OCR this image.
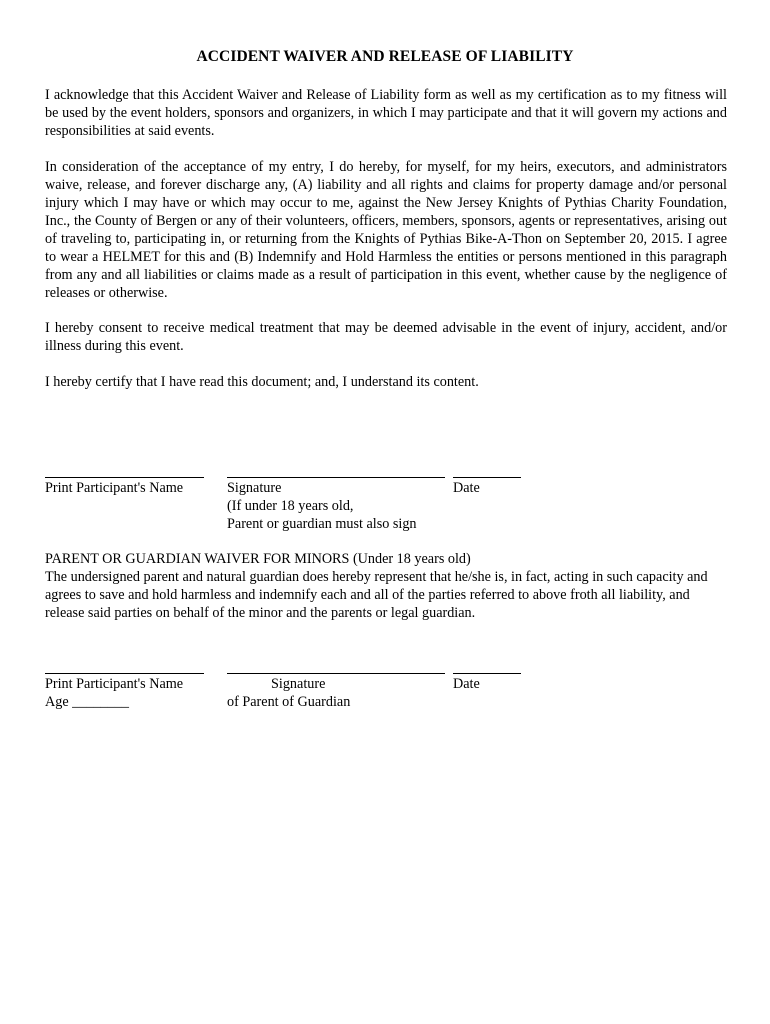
ACCIDENT WAIVER AND RELEASE OF LIABILITY
I acknowledge that this Accident Waiver and Release of Liability form as well as my certification as to my fitness will be used by the event holders, sponsors and organizers, in which I may participate and that it will govern my actions and responsibilities at said events.
In consideration of the acceptance of my entry, I do hereby, for myself, for my heirs, executors, and administrators waive, release, and forever discharge any, (A) liability and all rights and claims for property damage and/or personal injury which I may have or which may occur to me, against the New Jersey Knights of Pythias Charity Foundation, Inc., the County of Bergen or any of their volunteers, officers, members, sponsors, agents or representatives, arising out of traveling to, participating in, or returning from the Knights of Pythias Bike-A-Thon on September 20, 2015. I agree to wear a HELMET for this and (B) Indemnify and Hold Harmless the entities or persons mentioned in this paragraph from any and all liabilities or claims made as a result of participation in this event, whether cause by the negligence of releases or otherwise.
I hereby consent to receive medical treatment that may be deemed advisable in the event of injury, accident, and/or illness during this event.
I hereby certify that I have read this document; and, I understand its content.
Print Participant's Name	Signature	Date
(If under 18 years old,
Parent or guardian must also sign
PARENT OR GUARDIAN WAIVER FOR MINORS (Under 18 years old)
The undersigned parent and natural guardian does hereby represent that he/she is, in fact, acting in such capacity and agrees to save and hold harmless and indemnify each and all of the parties referred to above froth all liability, and release said parties on behalf of the minor and the parents or legal guardian.
Print Participant's Name	Signature	Date
Age ________	of Parent of Guardian
